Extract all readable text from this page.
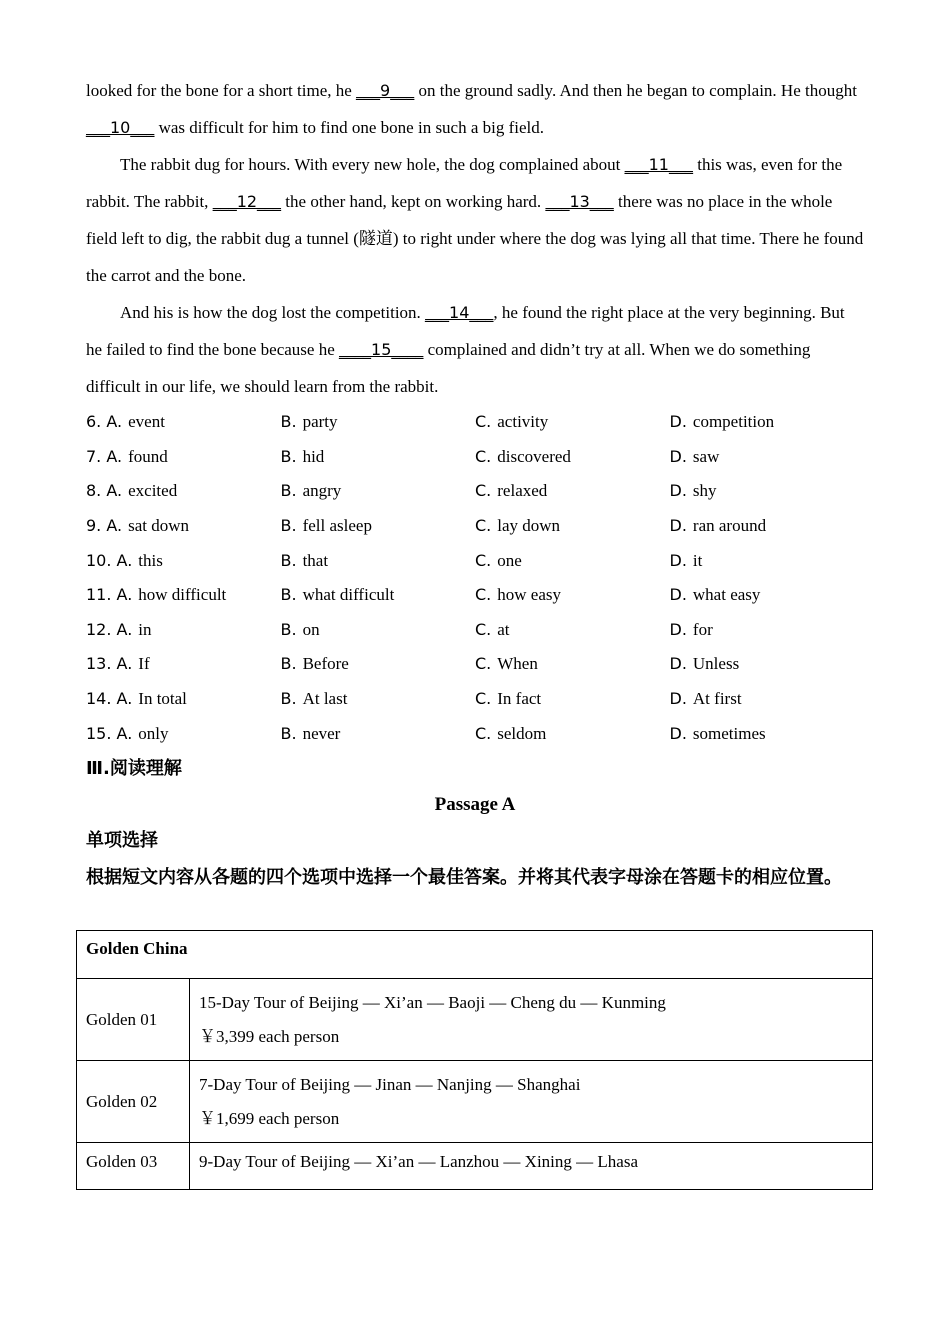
looked for the bone for a short time, he ___9___ on the ground sadly. And then he began to complain. He thought
___10___ was difficult for him to find one bone in such a big field.

The rabbit dug for hours. With every new hole, the dog complained about ___11___ this was, even for the rabbit. The rabbit, ___12___ the other hand, kept on working hard. ___13___ there was no place in the whole field left to dig, the rabbit dug a tunnel (隧道) to right under where the dog was lying all that time. There he found the carrot and the bone.

And his is how the dog lost the competition. ___14___, he found the right place at the very beginning. But he failed to find the bone because he ____15____ complained and didn’t try at all. When we do something difficult in our life, we should learn from the rabbit.

6. A. event	B. party	C. activity	D. competition
7. A. found	B. hid	C. discovered	D. saw
8. A. excited	B. angry	C. relaxed	D. shy
9. A. sat down	B. fell asleep	C. lay down	D. ran around
10. A. this	B. that	C. one	D. it
11. A. how difficult	B. what difficult	C. how easy	D. what easy
12. A. in	B. on	C. at	D. for
13. A. If	B. Before	C. When	D. Unless
14. A. In total	B. At last	C. In fact	D. At first
15. A. only	B. never	C. seldom	D. sometimes

Ⅲ.阅读理解

Passage A

单项选择

根据短文内容从各题的四个选项中选择一个最佳答案。并将其代表字母涂在答题卡的相应位置。

Golden China	
Golden 01	15-Day Tour of Beijing — Xi’an — Baoji — Cheng du — Kunming
￥3,399 each person

Golden 02	7-Day Tour of Beijing — Jinan — Nanjing — Shanghai
￥1,699 each person

Golden 03	9-Day Tour of Beijing — Xi’an — Lanzhou — Xining — Lhasa
